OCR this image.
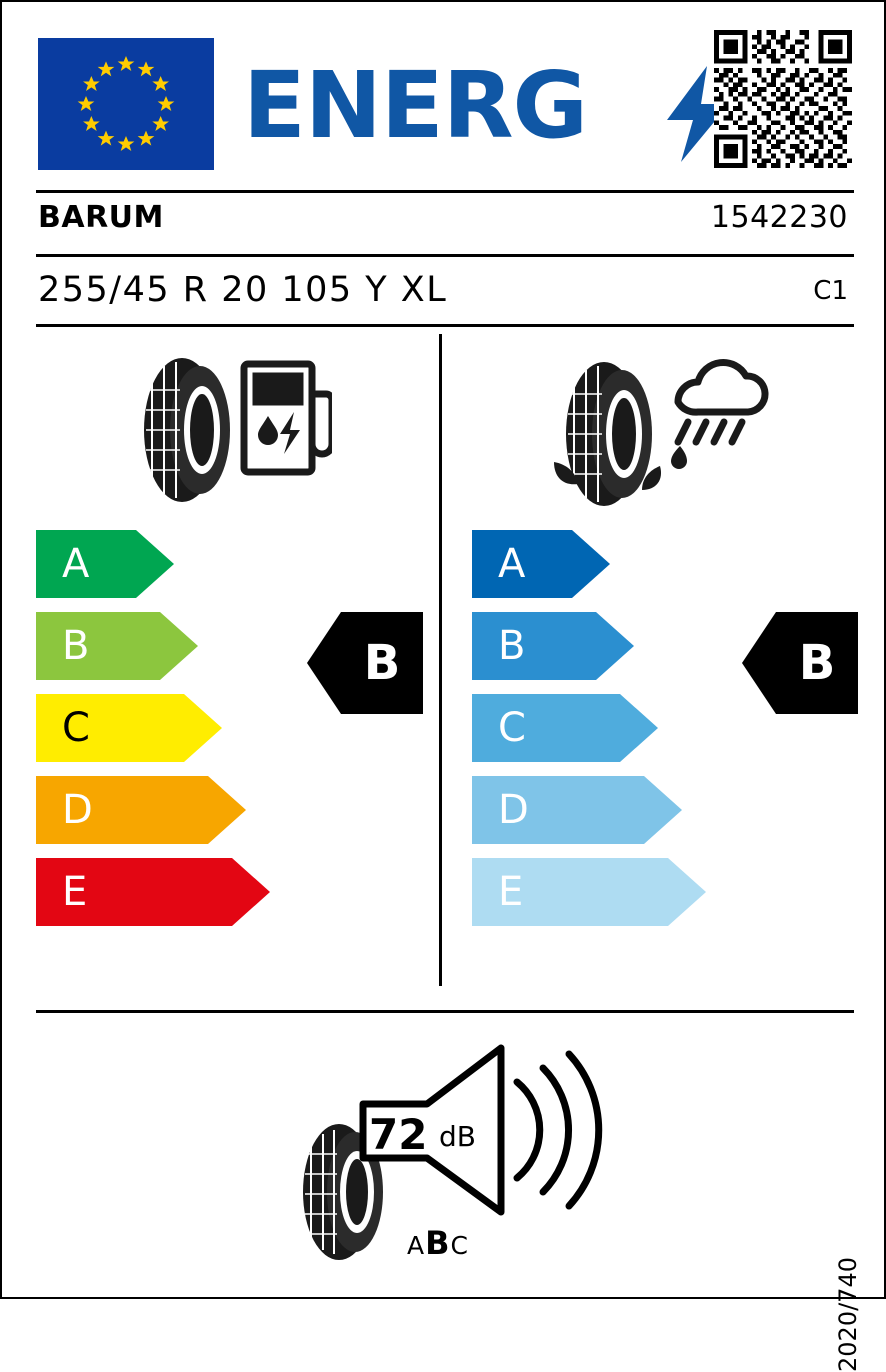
ENERG
BARUM	1542230
255/45 R 20 105 Y XL	C1
A
B
C
D
E
A
B
C
D
E
B	B
72 dB
ABC
2020/740
